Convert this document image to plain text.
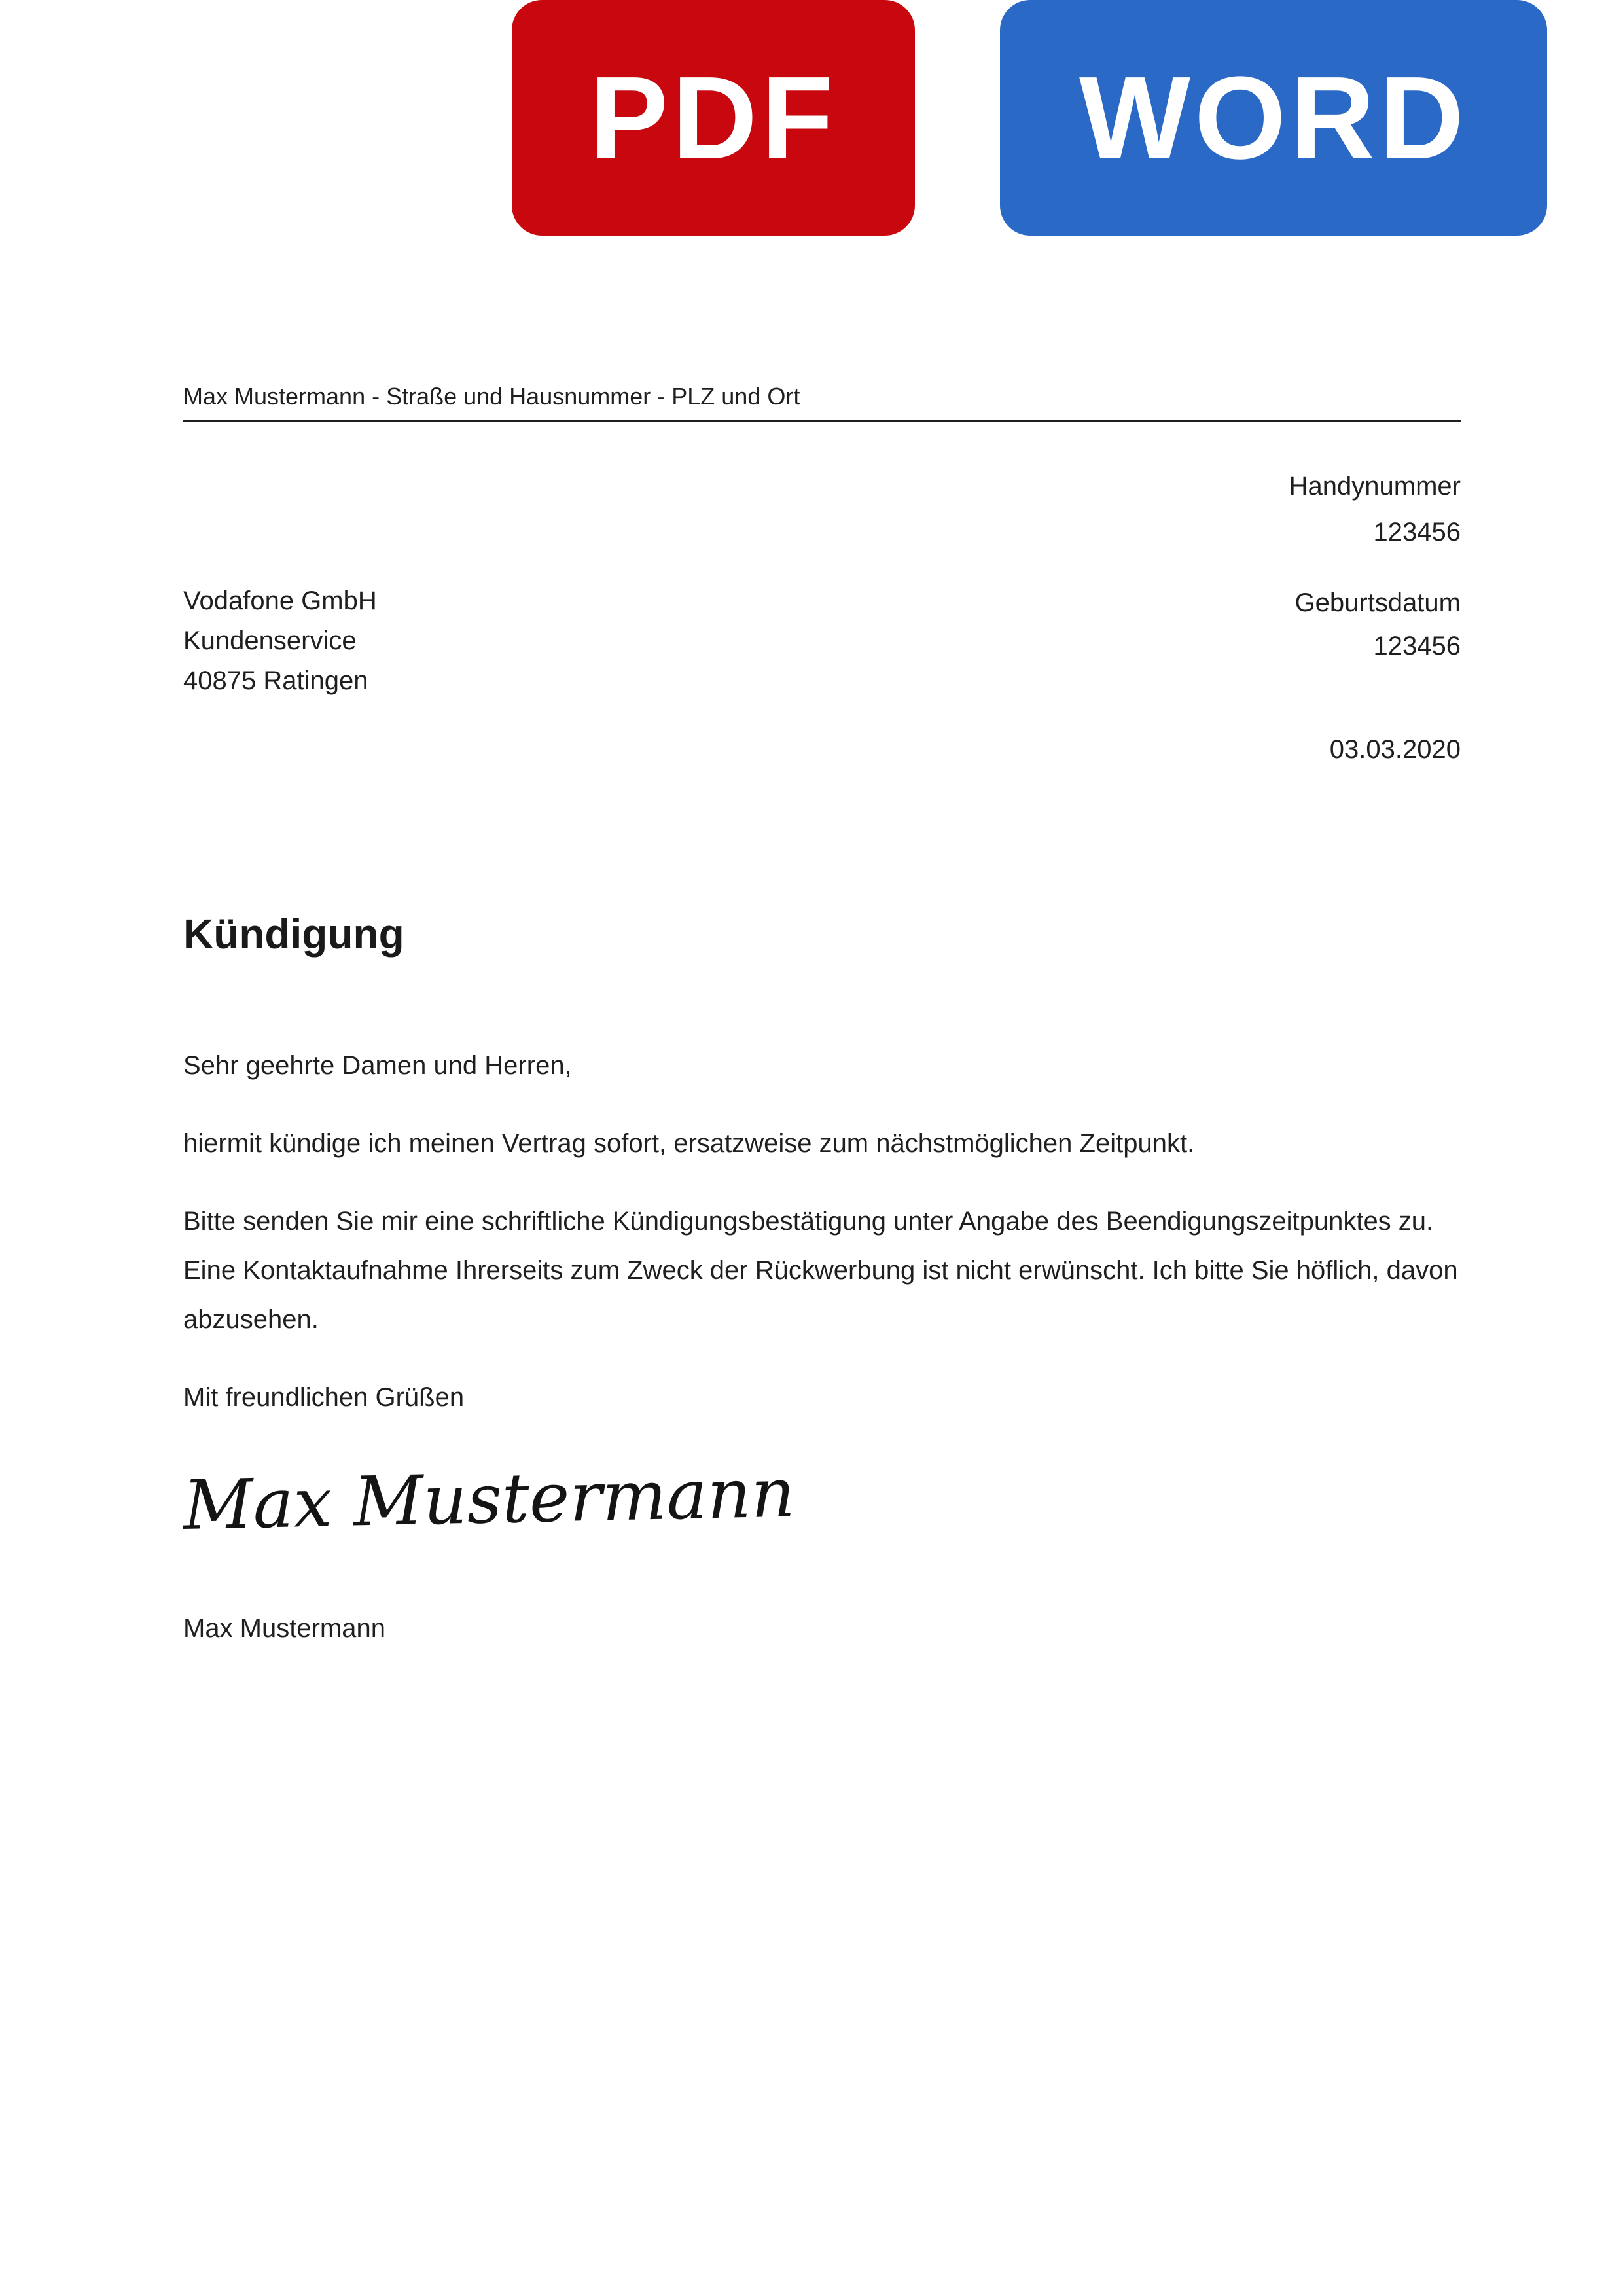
PDF	WORD
Max Mustermann - Straße und Hausnummer - PLZ und Ort
Handynummer
123456
Vodafone GmbH
Kundenservice
40875 Ratingen
Geburtsdatum
123456
03.03.2020
Kündigung

Sehr geehrte Damen und Herren,

hiermit kündige ich meinen Vertrag sofort, ersatzweise zum nächstmöglichen Zeitpunkt.

Bitte senden Sie mir eine schriftliche Kündigungsbestätigung unter Angabe des Beendigungszeitpunktes zu. Eine Kontaktaufnahme Ihrerseits zum Zweck der Rückwerbung ist nicht erwünscht. Ich bitte Sie höflich, davon abzusehen.

Mit freundlichen Grüßen

Max Mustermann
Max Mustermann
